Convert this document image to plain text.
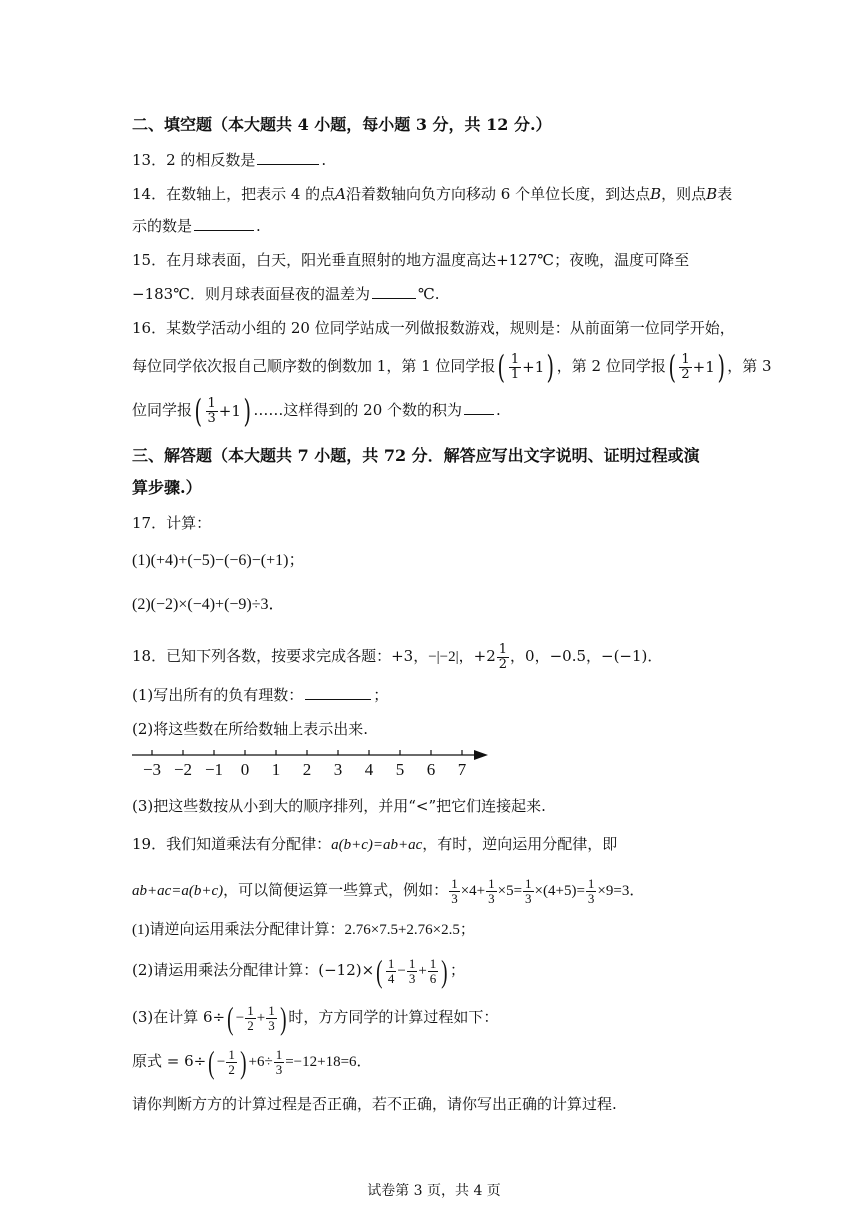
二、填空题（本大题共 4 小题，每小题 3 分，共 12 分.）
13．2 的相反数是	.
14．在数轴上，把表示 4 的点A沿着数轴向负方向移动 6 个单位长度，到达点B，则点B表
示的数是	.
15．在月球表面，白天，阳光垂直照射的地方温度高达+127℃；夜晚，温度可降至
−183℃．则月球表面昼夜的温差为	℃.
16．某数学活动小组的 20 位同学站成一列做报数游戏，规则是：从前面第一位同学开始，
每位同学依次报自己顺序数的倒数加 1，第 1 位同学报 ( $\frac{1}{1} +1$ ) ，第 2 位同学报 ( $\frac{1}{2} +1$ ) ，第 3
位同学报 ( $\frac{1}{3} +1$ ) ……这样得到的 20 个数的积为 .
三、解答题（本大题共 7 小题，共 72 分．解答应写出文字说明、证明过程或演
算步骤.）
17．计算：
(1)(+4)+(−5)−(−6)−(+1)；
(2)(−2)×(−4)+(−9)÷3．
18．已知下列各数，按要求完成各题：+3，−|−2|，$+2 \frac{1}{2}$ ，0，−0.5，−(−1)．
(1)写出所有的负有理数：	；
(2)将这些数在所给数轴上表示出来.
−3 −2 −1 0 1 2 3 4 5 6 7
(3)把这些数按从小到大的顺序排列，并用“<”把它们连接起来.
19．我们知道乘法有分配律：a(b+c)=ab+ac，有时，逆向运用分配律，即
ab+ac=a(b+c)，可以简便运算一些算式，例如： $\frac{1}{3} \times 4+ \frac{1}{3} \times 5= \frac{1}{3} \times(4+5)= \frac{1}{3} \times 9=3$．
(1)请逆向运用乘法分配律计算：2.76×7.5+2.76×2.5；
(2)请运用乘法分配律计算：(−12)× ( $\frac{1}{4} - \frac{1}{3} + \frac{1}{6}$ ) ；
(3)在计算 6÷ ( − $\frac{1}{2} + \frac{1}{3}$ ) 时，方方同学的计算过程如下：
原式 = 6÷ ( − $\frac{1}{2}$ ) $+6\div \frac{1}{3} =-12+18=6$．
请你判断方方的计算过程是否正确，若不正确，请你写出正确的计算过程.
试卷第 3 页，共 4 页
